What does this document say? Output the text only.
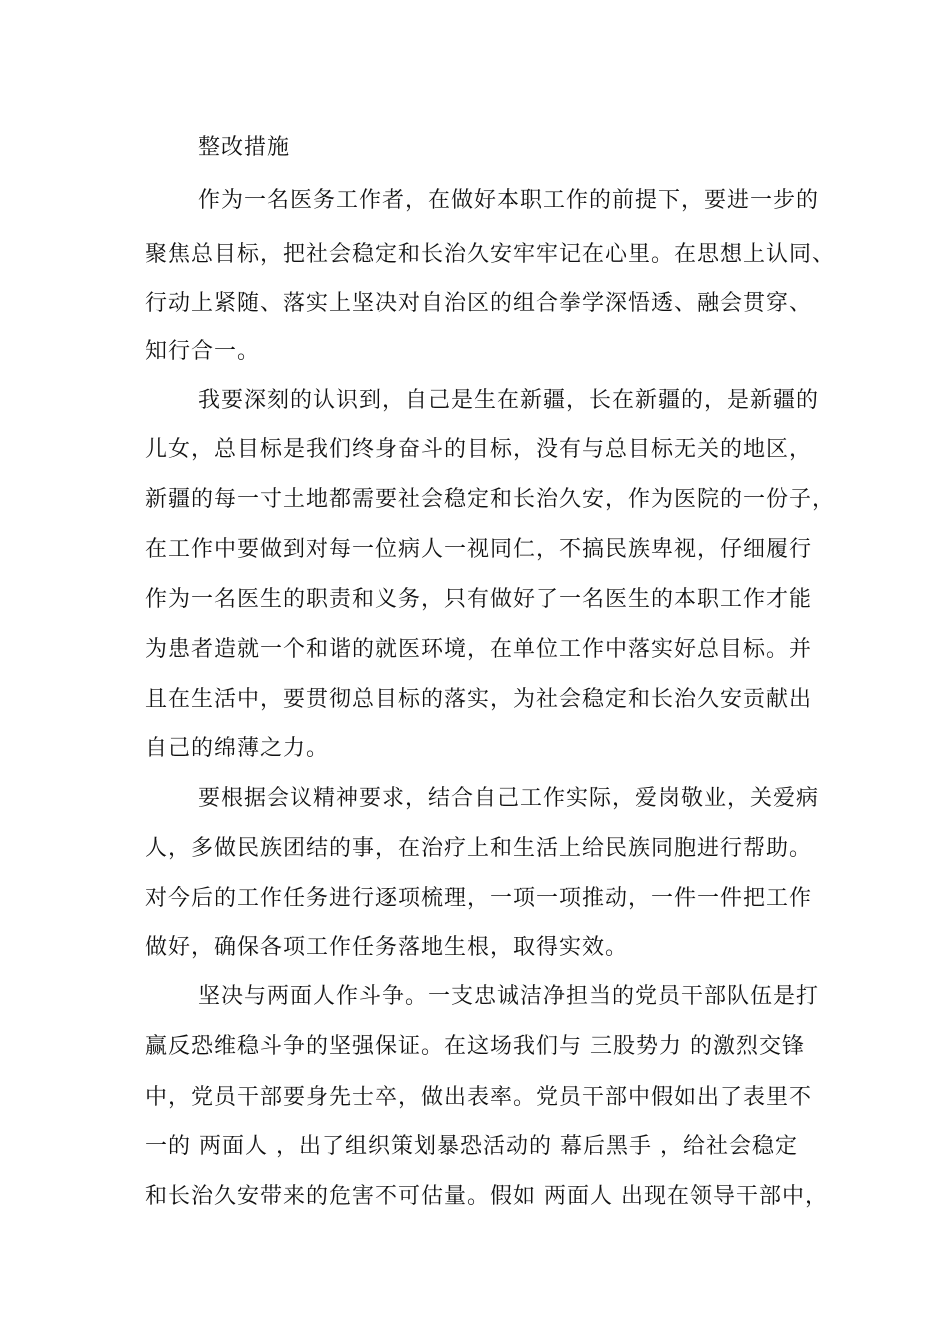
整改措施

作为一名医务工作者，在做好本职工作的前提下，要进一步的

聚焦总目标，把社会稳定和长治久安牢牢记在心里。在思想上认同、

行动上紧随、落实上坚决对自治区的组合拳学深悟透、融会贯穿、

知行合一。

我要深刻的认识到，自己是生在新疆，长在新疆的，是新疆的

儿女，总目标是我们终身奋斗的目标，没有与总目标无关的地区，

新疆的每一寸土地都需要社会稳定和长治久安，作为医院的一份子，

在工作中要做到对每一位病人一视同仁，不搞民族卑视，仔细履行

作为一名医生的职责和义务，只有做好了一名医生的本职工作才能

为患者造就一个和谐的就医环境，在单位工作中落实好总目标。并

且在生活中，要贯彻总目标的落实，为社会稳定和长治久安贡献出

自己的绵薄之力。

要根据会议精神要求，结合自己工作实际，爱岗敬业，关爱病

人，多做民族团结的事，在治疗上和生活上给民族同胞进行帮助。

对今后的工作任务进行逐项梳理，一项一项推动，一件一件把工作

做好，确保各项工作任务落地生根，取得实效。

坚决与两面人作斗争。一支忠诚洁净担当的党员干部队伍是打

赢反恐维稳斗争的坚强保证。在这场我们与 三股势力 的激烈交锋

中，党员干部要身先士卒，做出表率。党员干部中假如出了表里不

一的 两面人 ，出了组织策划暴恐活动的 幕后黑手 ，给社会稳定

和长治久安带来的危害不可估量。假如 两面人 出现在领导干部中，
